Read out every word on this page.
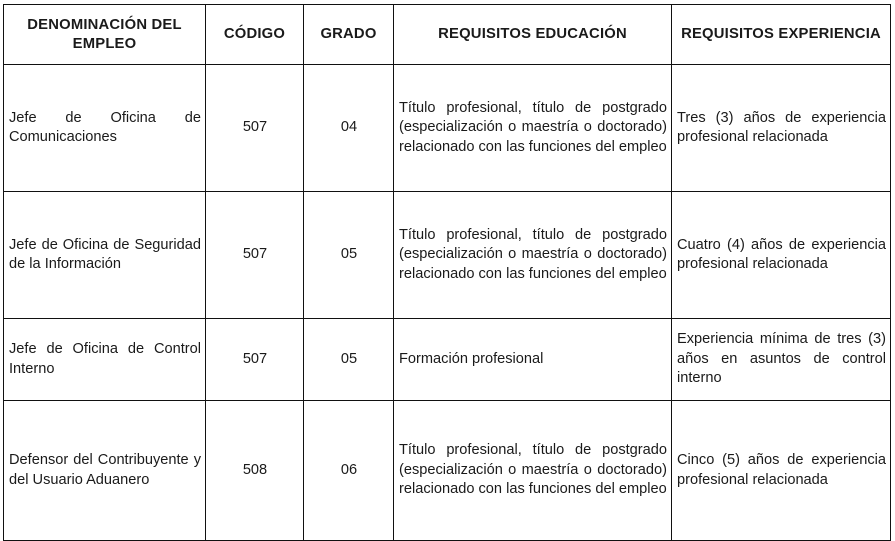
DENOMINACIÓN DEL EMPLEO	CÓDIGO	GRADO	REQUISITOS EDUCACIÓN	REQUISITOS EXPERIENCIA
Jefe de Oficina de Comunicaciones	507	04	Título profesional, título de postgrado (especialización o maestría o doctorado) relacionado con las funciones del empleo	Tres (3) años de experiencia profesional relacionada
Jefe de Oficina de Seguridad de la Información	507	05	Título profesional, título de postgrado (especialización o maestría o doctorado) relacionado con las funciones del empleo	Cuatro (4) años de experiencia profesional relacionada
Jefe de Oficina de Control Interno	507	05	Formación profesional	Experiencia mínima de tres (3) años en asuntos de control interno
Defensor del Contribuyente y del Usuario Aduanero	508	06	Título profesional, título de postgrado (especialización o maestría o doctorado) relacionado con las funciones del empleo	Cinco (5) años de experiencia profesional relacionada
